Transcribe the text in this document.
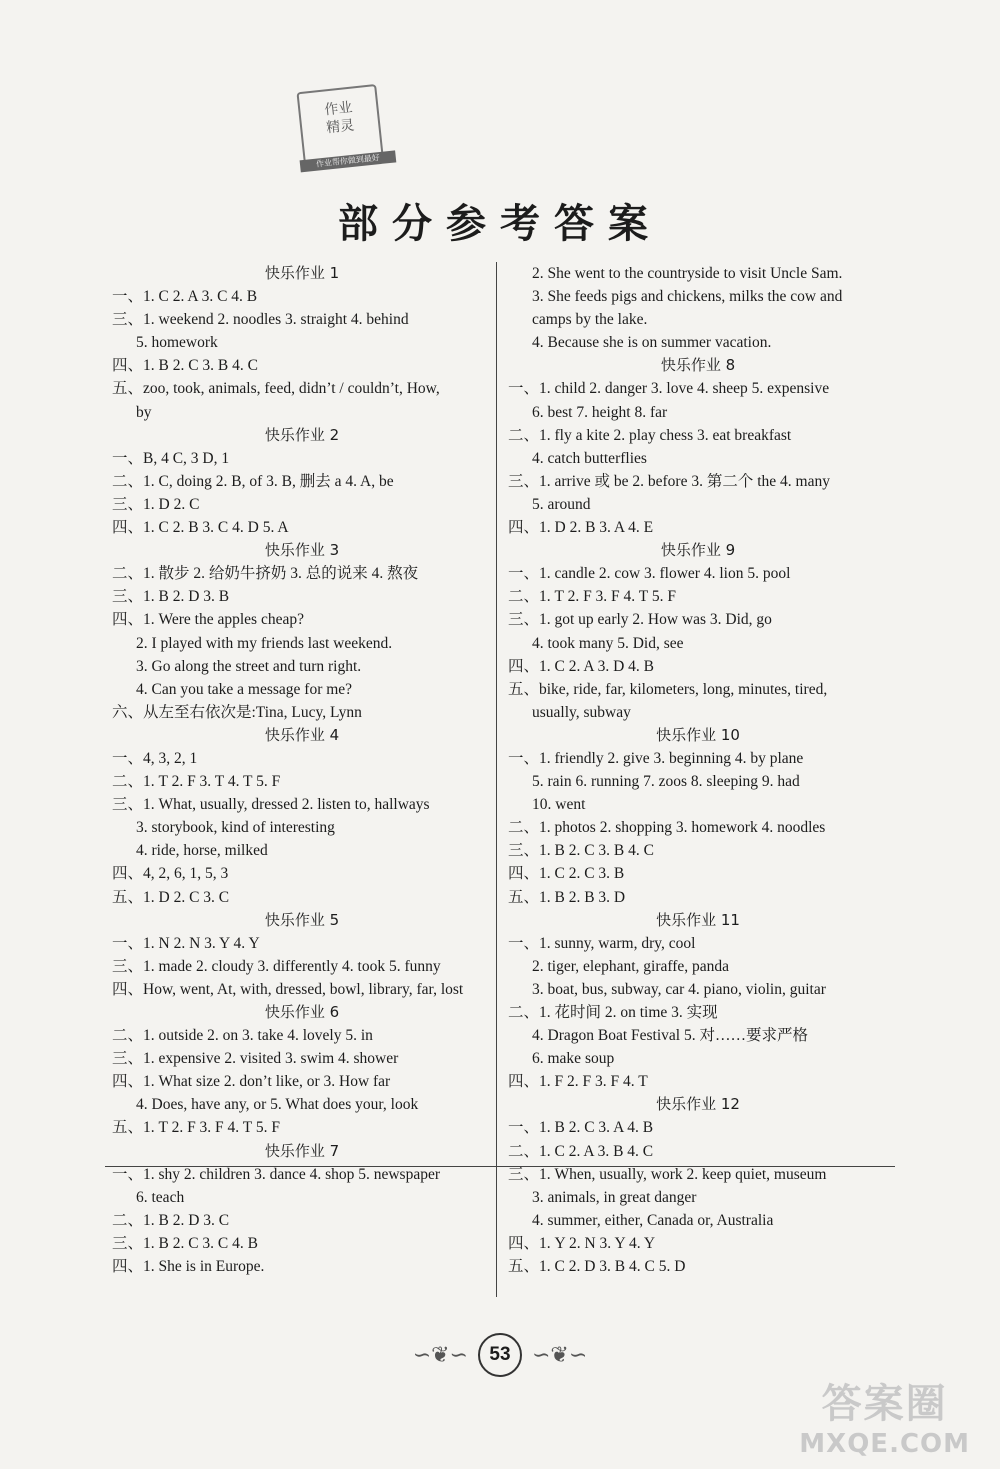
作业
精灵
作业帮你做到最好
部分参考答案
快乐作业 1
一、1. C 2. A 3. C 4. B
三、1. weekend 2. noodles 3. straight 4. behind
5. homework
四、1. B 2. C 3. B 4. C
五、zoo, took, animals, feed, didn’t / couldn’t, How,
by
快乐作业 2
一、B, 4 C, 3 D, 1
二、1. C, doing 2. B, of 3. B, 删去 a 4. A, be
三、1. D 2. C
四、1. C 2. B 3. C 4. D 5. A
快乐作业 3
二、1. 散步 2. 给奶牛挤奶 3. 总的说来 4. 熬夜
三、1. B 2. D 3. B
四、1. Were the apples cheap?
2. I played with my friends last weekend.
3. Go along the street and turn right.
4. Can you take a message for me?
六、从左至右依次是:Tina, Lucy, Lynn
快乐作业 4
一、4, 3, 2, 1
二、1. T 2. F 3. T 4. T 5. F
三、1. What, usually, dressed 2. listen to, hallways
3. storybook, kind of interesting
4. ride, horse, milked
四、4, 2, 6, 1, 5, 3
五、1. D 2. C 3. C
快乐作业 5
一、1. N 2. N 3. Y 4. Y
三、1. made 2. cloudy 3. differently 4. took 5. funny
四、How, went, At, with, dressed, bowl, library, far, lost
快乐作业 6
二、1. outside 2. on 3. take 4. lovely 5. in
三、1. expensive 2. visited 3. swim 4. shower
四、1. What size 2. don’t like, or 3. How far
4. Does, have any, or 5. What does your, look
五、1. T 2. F 3. F 4. T 5. F
快乐作业 7
一、1. shy 2. children 3. dance 4. shop 5. newspaper
6. teach
二、1. B 2. D 3. C
三、1. B 2. C 3. C 4. B
四、1. She is in Europe.
2. She went to the countryside to visit Uncle Sam.
3. She feeds pigs and chickens, milks the cow and
camps by the lake.
4. Because she is on summer vacation.
快乐作业 8
一、1. child 2. danger 3. love 4. sheep 5. expensive
6. best 7. height 8. far
二、1. fly a kite 2. play chess 3. eat breakfast
4. catch butterflies
三、1. arrive 或 be 2. before 3. 第二个 the 4. many
5. around
四、1. D 2. B 3. A 4. E
快乐作业 9
一、1. candle 2. cow 3. flower 4. lion 5. pool
二、1. T 2. F 3. F 4. T 5. F
三、1. got up early 2. How was 3. Did, go
4. took many 5. Did, see
四、1. C 2. A 3. D 4. B
五、bike, ride, far, kilometers, long, minutes, tired,
usually, subway
快乐作业 10
一、1. friendly 2. give 3. beginning 4. by plane
5. rain 6. running 7. zoos 8. sleeping 9. had
10. went
二、1. photos 2. shopping 3. homework 4. noodles
三、1. B 2. C 3. B 4. C
四、1. C 2. C 3. B
五、1. B 2. B 3. D
快乐作业 11
一、1. sunny, warm, dry, cool
2. tiger, elephant, giraffe, panda
3. boat, bus, subway, car 4. piano, violin, guitar
二、1. 花时间 2. on time 3. 实现
4. Dragon Boat Festival 5. 对……要求严格
6. make soup
四、1. F 2. F 3. F 4. T
快乐作业 12
一、1. B 2. C 3. A 4. B
二、1. C 2. A 3. B 4. C
三、1. When, usually, work 2. keep quiet, museum
3. animals, in great danger
4. summer, either, Canada or, Australia
四、1. Y 2. N 3. Y 4. Y
五、1. C 2. D 3. B 4. C 5. D
∽❦∽ 53 ∽❦∽
答案圈
MXQE.COM
